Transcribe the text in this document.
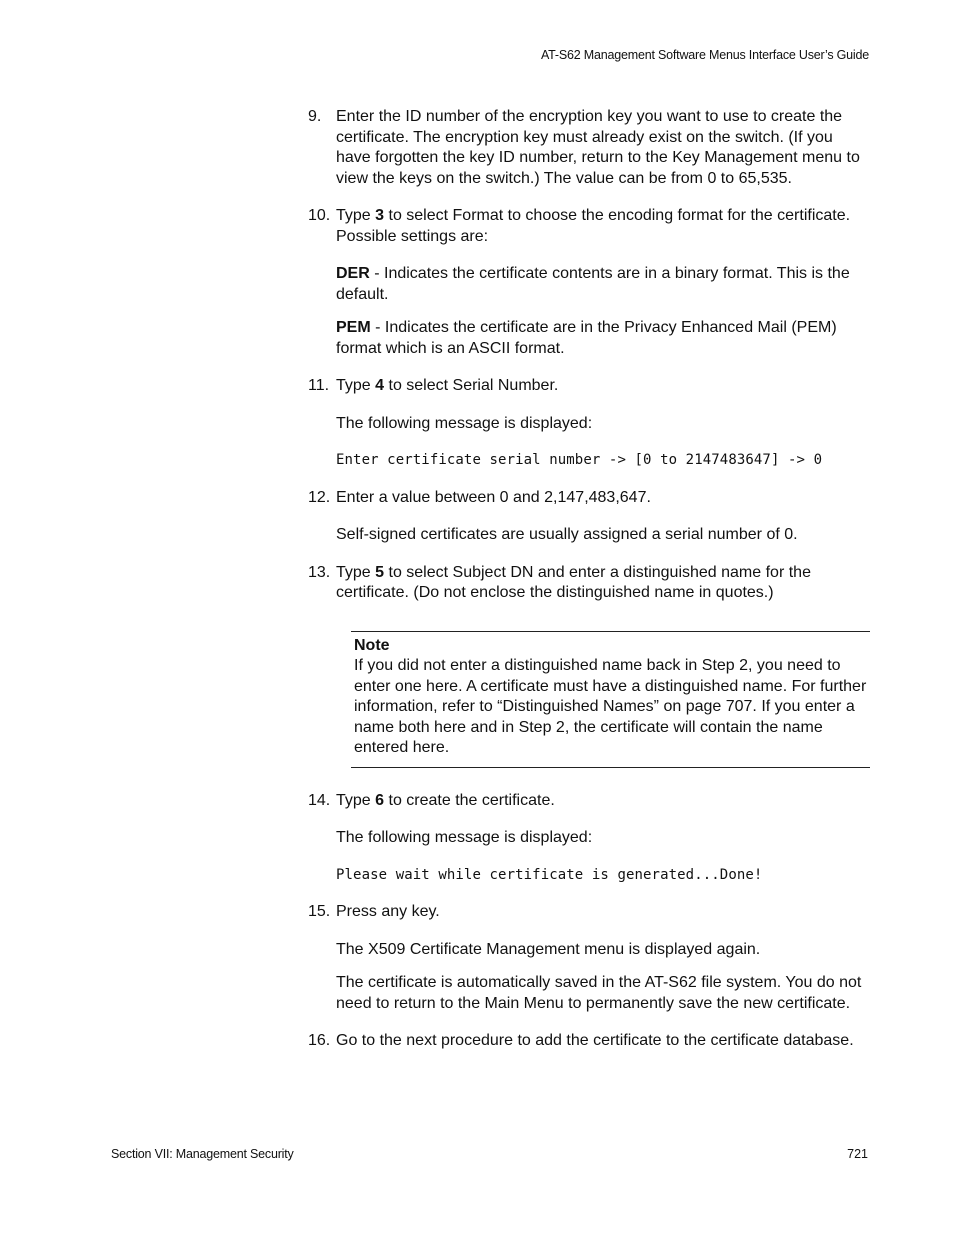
AT-S62 Management Software Menus Interface User’s Guide
9. Enter the ID number of the encryption key you want to use to create the certificate. The encryption key must already exist on the switch. (If you have forgotten the key ID number, return to the Key Management menu to view the keys on the switch.) The value can be from 0 to 65,535.
10. Type 3 to select Format to choose the encoding format for the certificate. Possible settings are:
DER - Indicates the certificate contents are in a binary format. This is the default.
PEM - Indicates the certificate are in the Privacy Enhanced Mail (PEM) format which is an ASCII format.
11. Type 4 to select Serial Number.
The following message is displayed:
Enter certificate serial number -> [0 to 2147483647] -> 0
12. Enter a value between 0 and 2,147,483,647.
Self-signed certificates are usually assigned a serial number of 0.
13. Type 5 to select Subject DN and enter a distinguished name for the certificate. (Do not enclose the distinguished name in quotes.)
Note
If you did not enter a distinguished name back in Step 2, you need to enter one here. A certificate must have a distinguished name. For further information, refer to “Distinguished Names” on page 707. If you enter a name both here and in Step 2, the certificate will contain the name entered here.
14. Type 6 to create the certificate.
The following message is displayed:
Please wait while certificate is generated...Done!
15. Press any key.
The X509 Certificate Management menu is displayed again.
The certificate is automatically saved in the AT-S62 file system. You do not need to return to the Main Menu to permanently save the new certificate.
16. Go to the next procedure to add the certificate to the certificate database.
Section VII: Management Security	721
